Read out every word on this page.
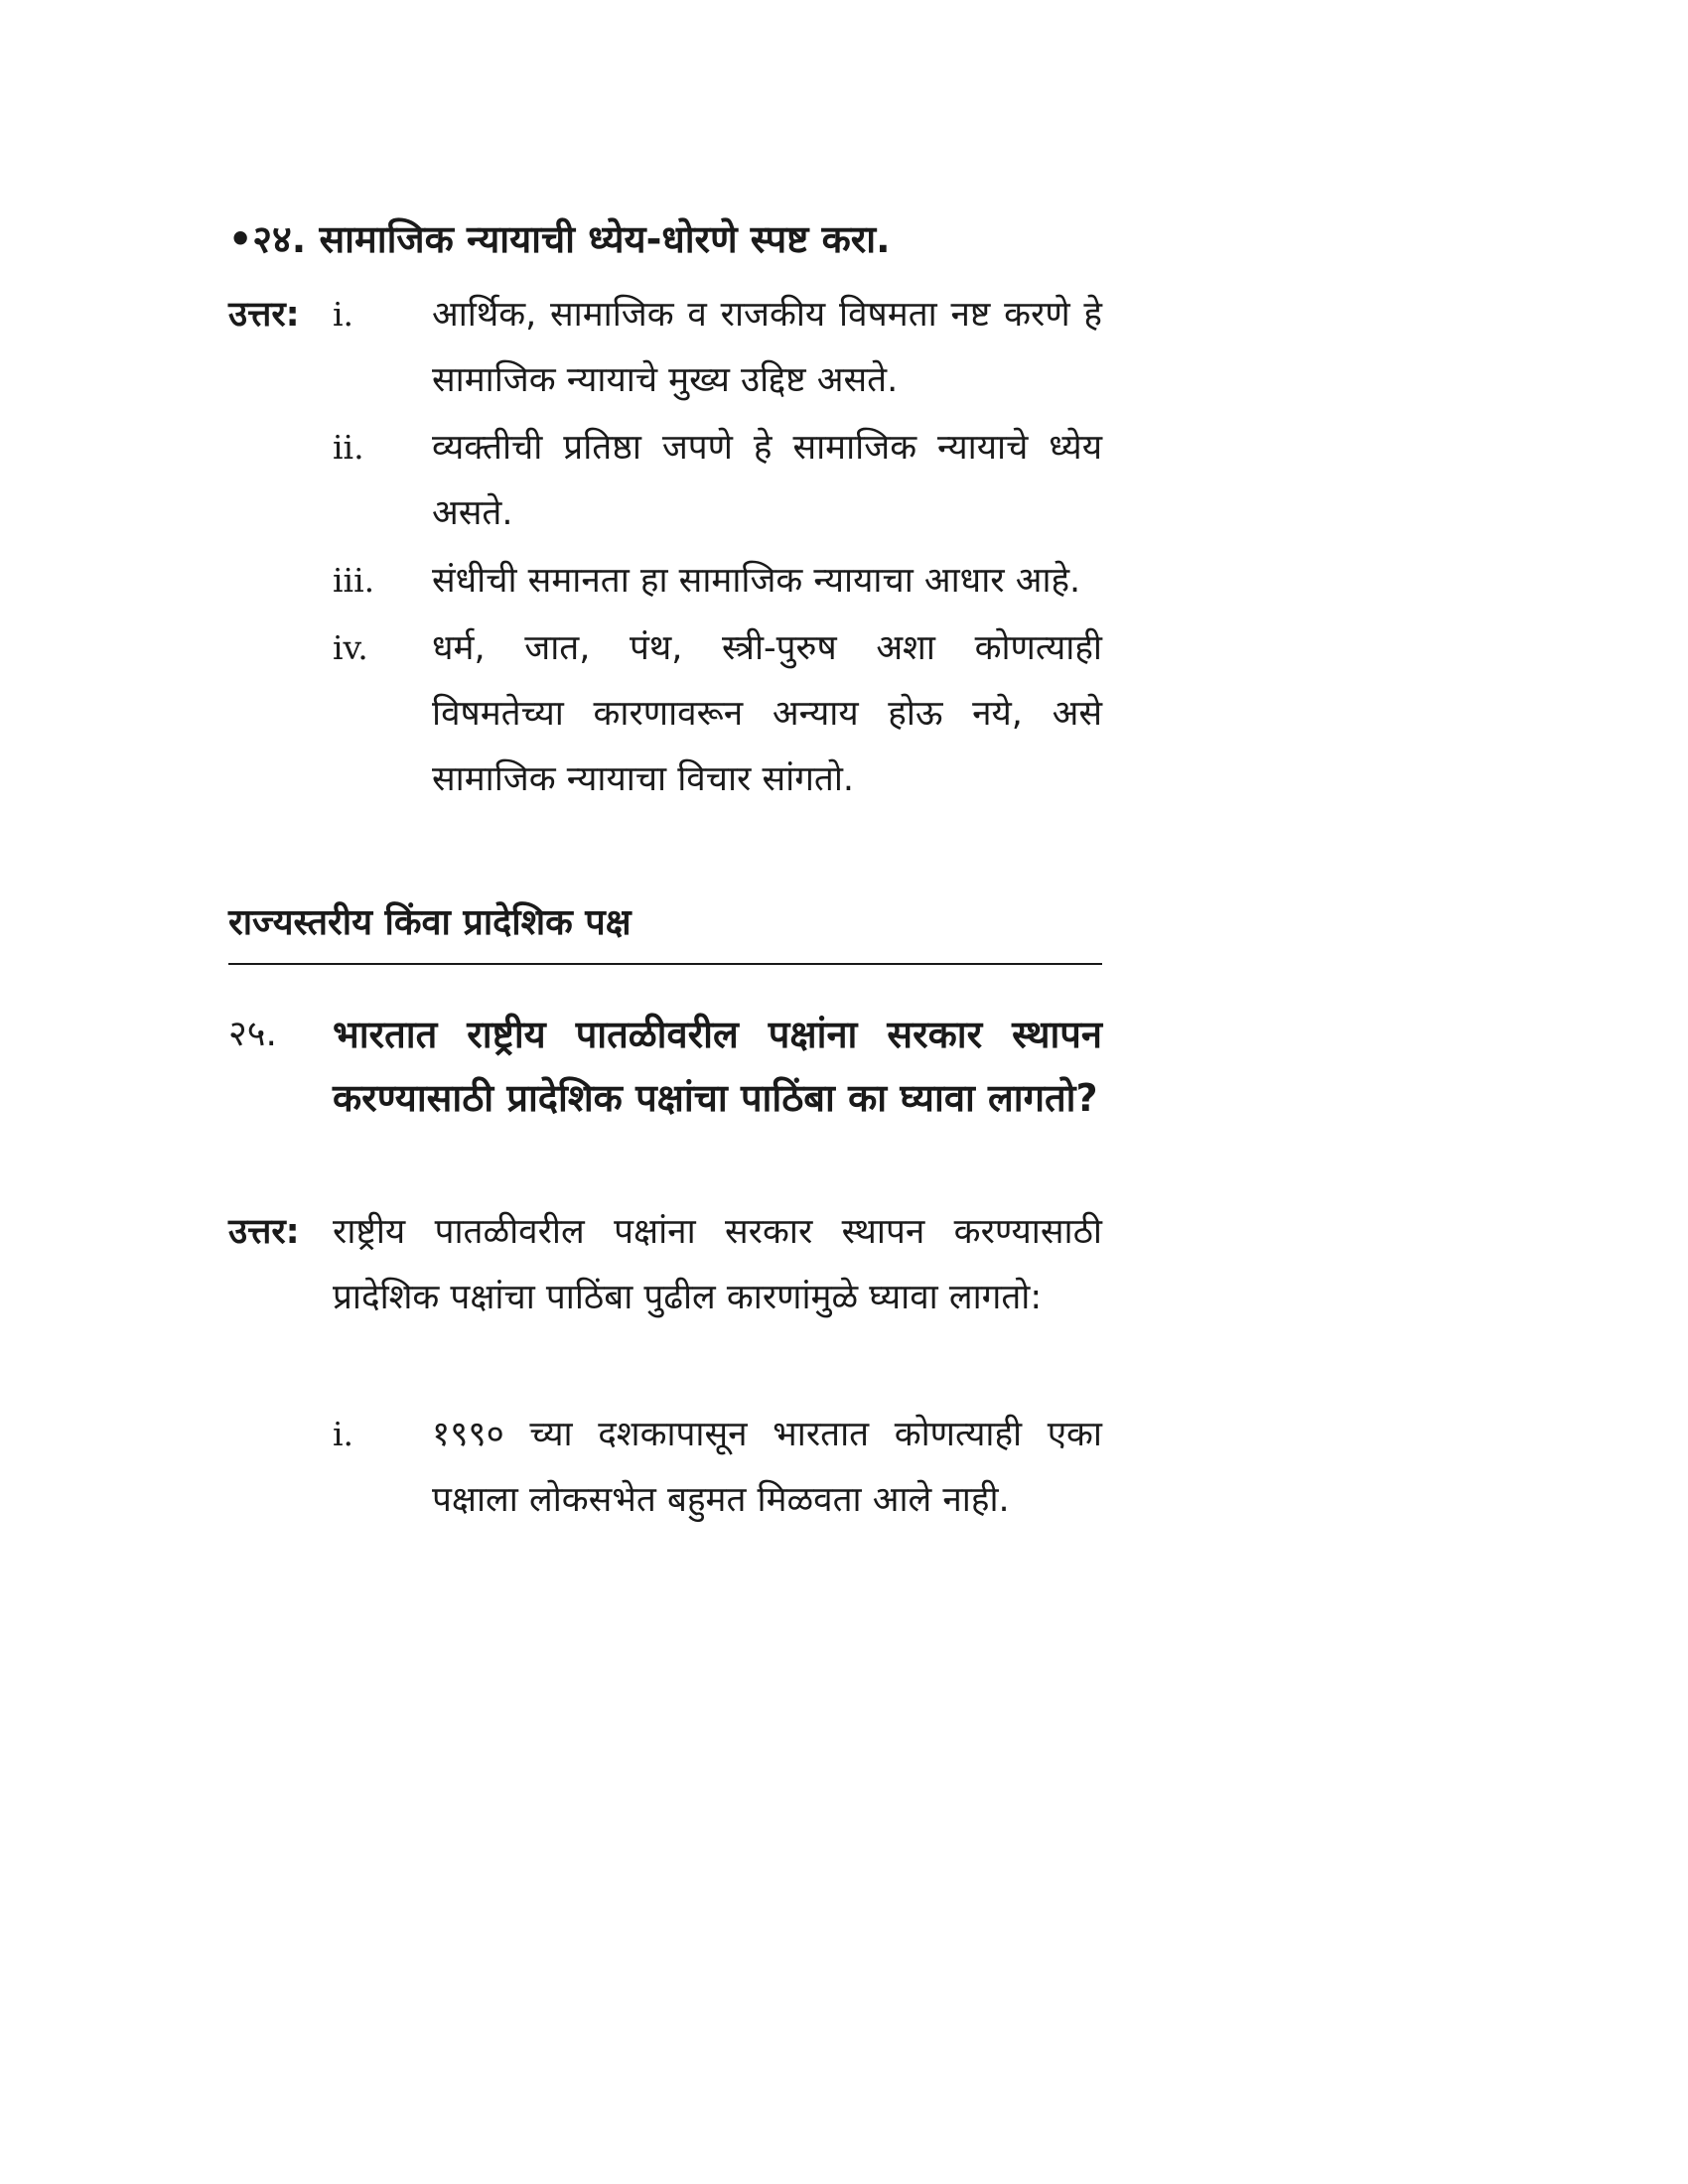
•२४. सामाजिक न्यायाची ध्येय-धोरणे स्पष्ट करा.
उत्तर:	i.	आर्थिक, सामाजिक व राजकीय विषमता नष्ट करणे हे सामाजिक न्यायाचे मुख्य उद्दिष्ट असते.
ii.	व्यक्तीची प्रतिष्ठा जपणे हे सामाजिक न्यायाचे ध्येय असते.
iii.	संधीची समानता हा सामाजिक न्यायाचा आधार आहे.
iv.	धर्म, जात, पंथ, स्त्री-पुरुष अशा कोणत्याही विषमतेच्या कारणावरून अन्याय होऊ नये, असे सामाजिक न्यायाचा विचार सांगतो.
राज्यस्तरीय किंवा प्रादेशिक पक्ष
२५.	भारतात राष्ट्रीय पातळीवरील पक्षांना सरकार स्थापन करण्यासाठी प्रादेशिक पक्षांचा पाठिंबा का घ्यावा लागतो?
उत्तर: राष्ट्रीय पातळीवरील पक्षांना सरकार स्थापन करण्यासाठी प्रादेशिक पक्षांचा पाठिंबा पुढील कारणांमुळे घ्यावा लागतो:
i.	१९९० च्या दशकापासून भारतात कोणत्याही एका पक्षाला लोकसभेत बहुमत मिळवता आले नाही.
